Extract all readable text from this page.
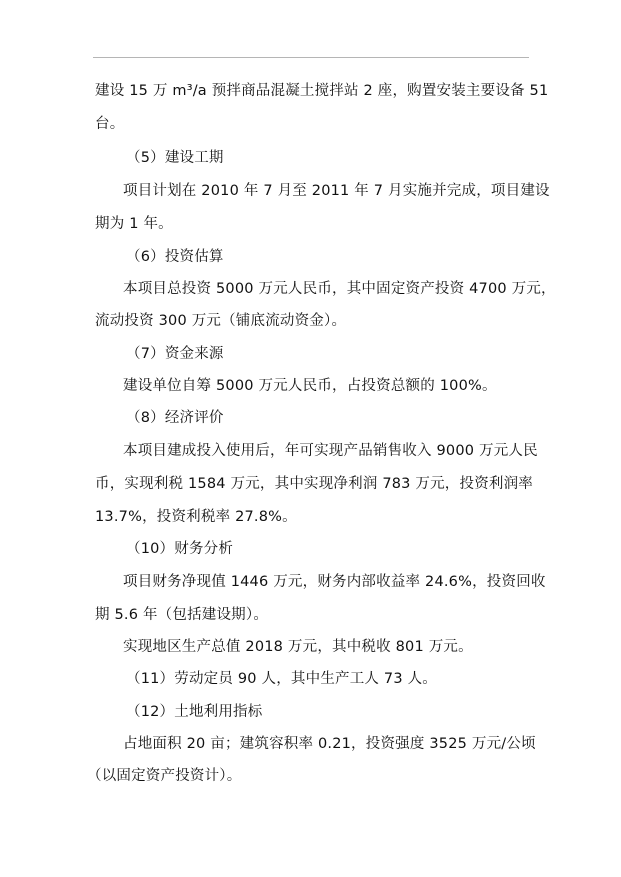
建设 15 万 m³/a 预拌商品混凝土搅拌站 2 座，购置安装主要设备 51
台。
（5）建设工期
项目计划在 2010 年 7 月至 2011 年 7 月实施并完成，项目建设
期为 1 年。
（6）投资估算
本项目总投资 5000 万元人民币，其中固定资产投资 4700 万元，
流动投资 300 万元（铺底流动资金）。
（7）资金来源
建设单位自筹 5000 万元人民币，占投资总额的 100%。
（8）经济评价
本项目建成投入使用后，年可实现产品销售收入 9000 万元人民
币，实现利税 1584 万元，其中实现净利润 783 万元，投资利润率
13.7%，投资利税率 27.8%。
（10）财务分析
项目财务净现值 1446 万元，财务内部收益率 24.6%，投资回收
期 5.6 年（包括建设期）。
实现地区生产总值 2018 万元，其中税收 801 万元。
（11）劳动定员 90 人，其中生产工人 73 人。
（12）土地利用指标
占地面积 20 亩；建筑容积率 0.21，投资强度 3525 万元/公顷
（以固定资产投资计）。
